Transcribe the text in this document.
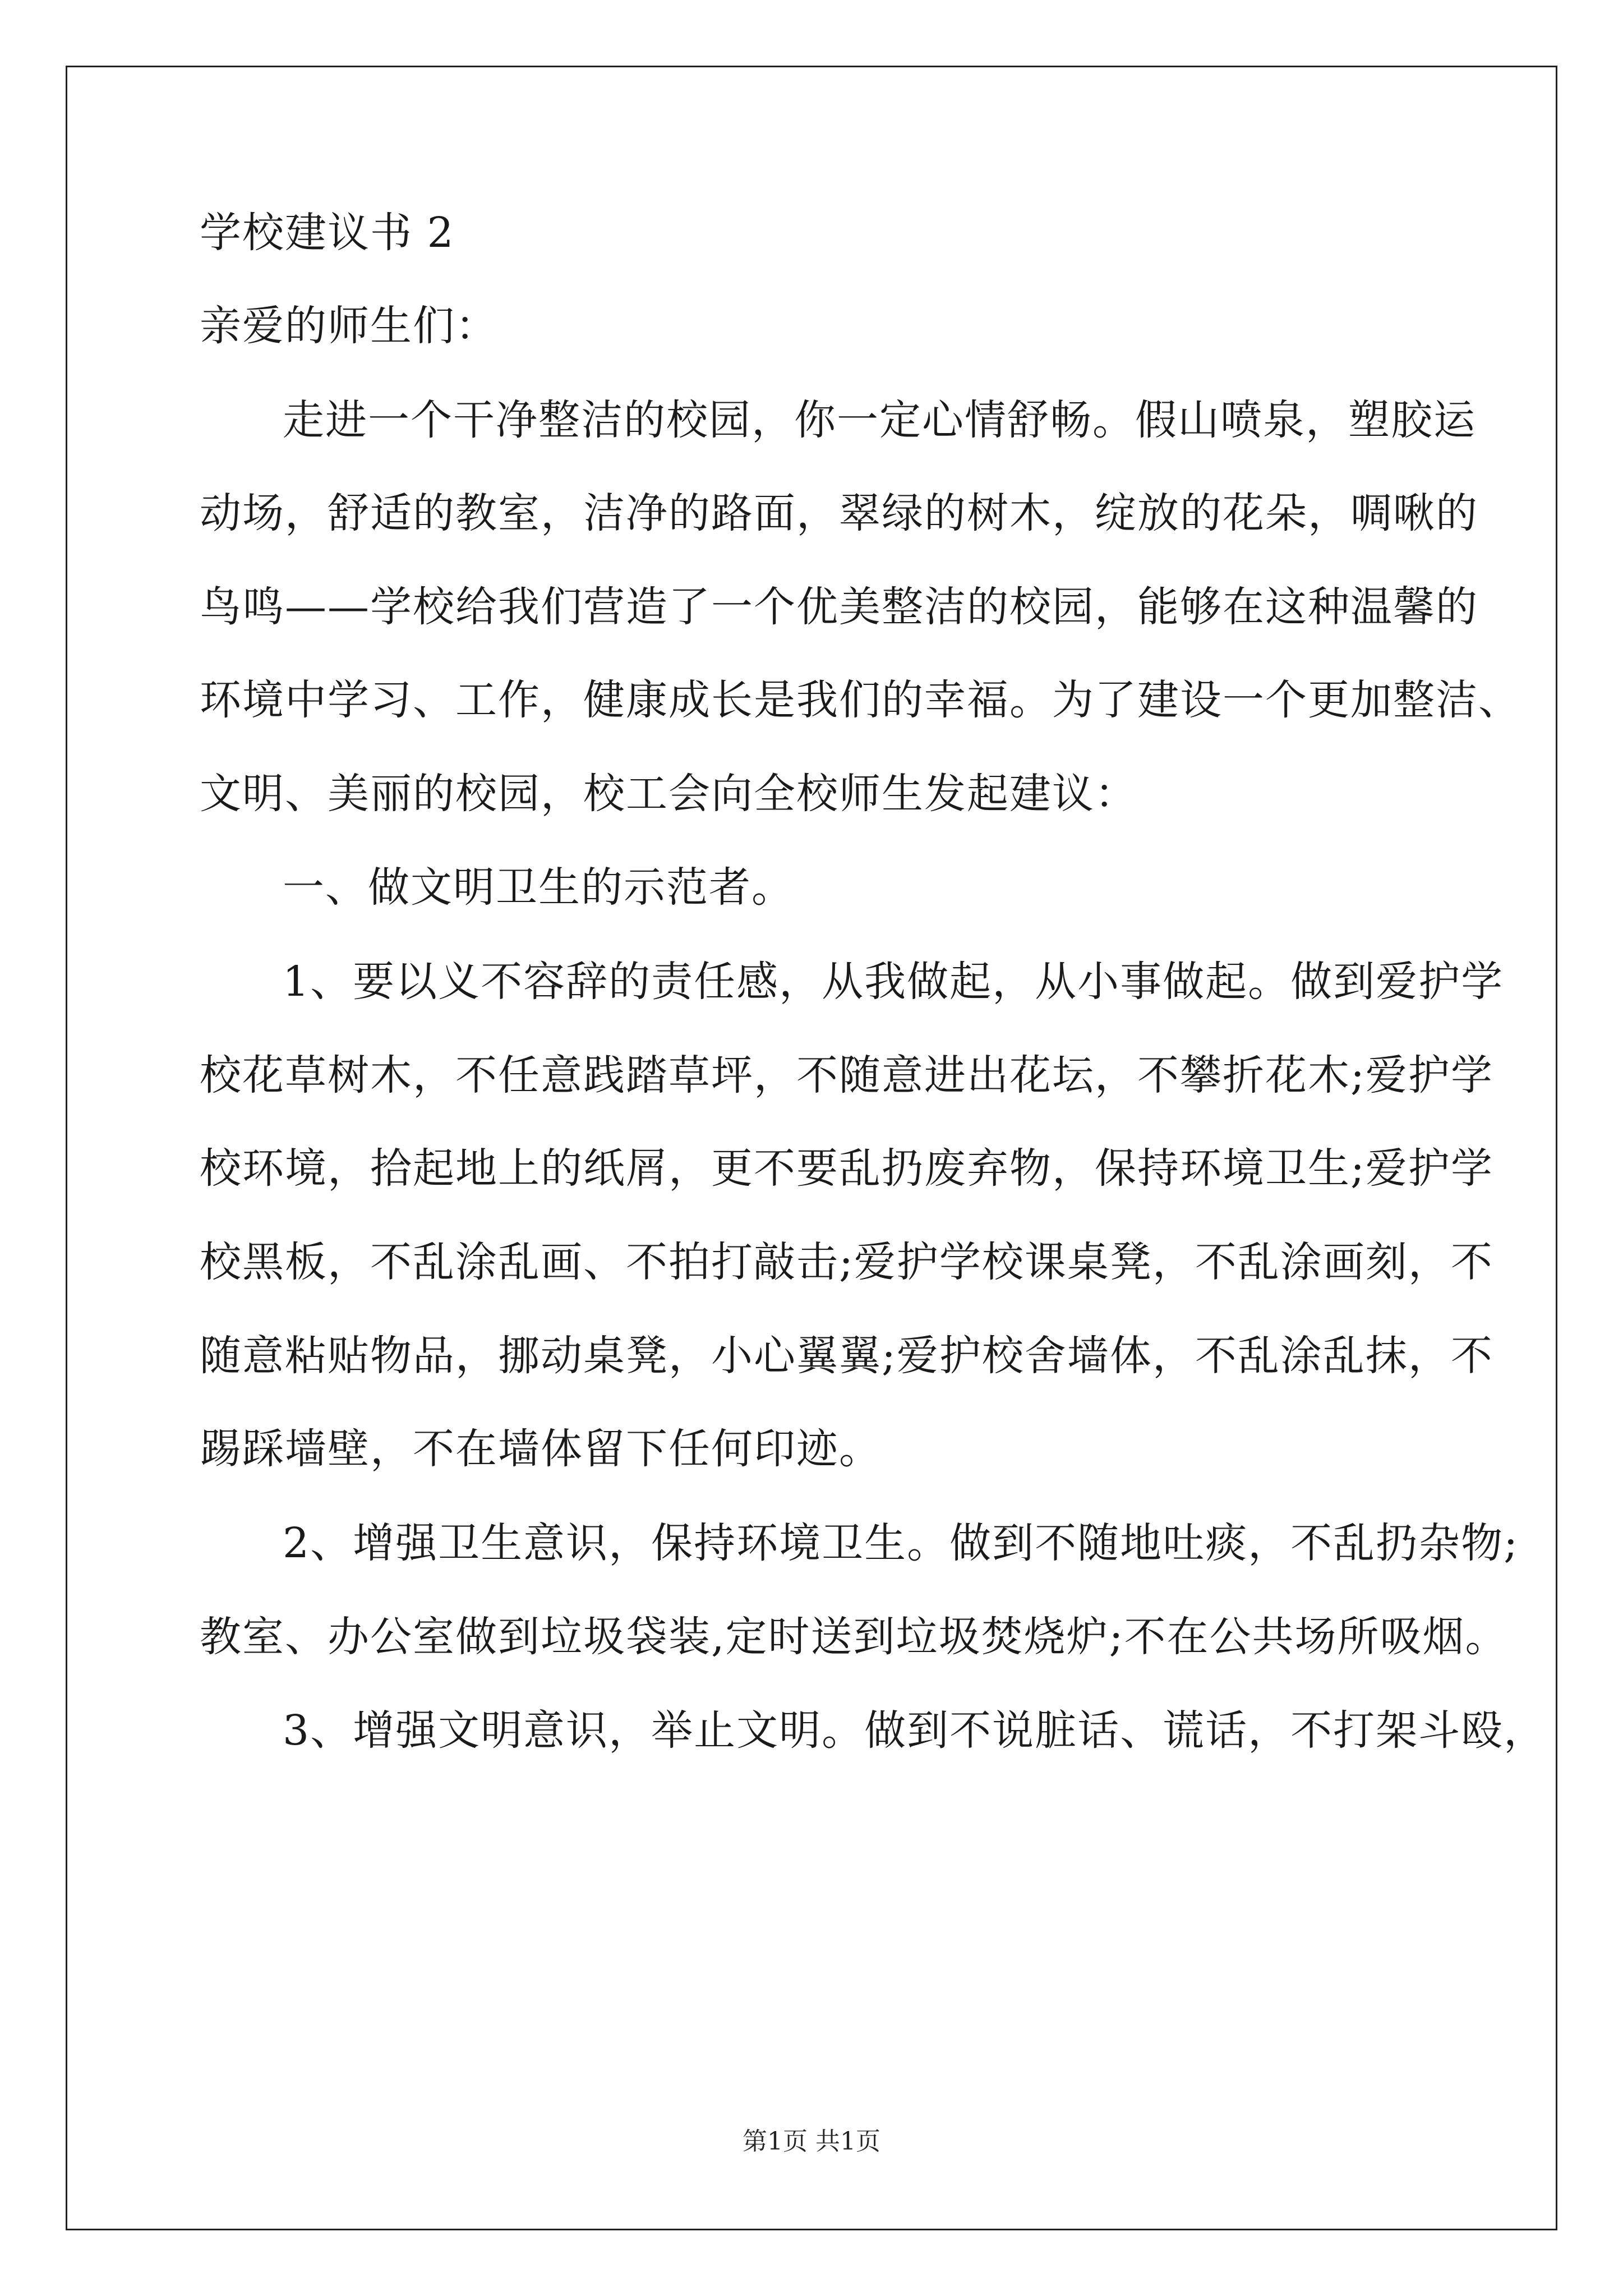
学校建议书 2
亲爱的师生们：
走进一个干净整洁的校园，你一定心情舒畅。假山喷泉，塑胶运
动场，舒适的教室，洁净的路面，翠绿的树木，绽放的花朵，啁啾的
鸟鸣——学校给我们营造了一个优美整洁的校园，能够在这种温馨的
环境中学习、工作，健康成长是我们的幸福。为了建设一个更加整洁、
文明、美丽的校园，校工会向全校师生发起建议：
一、做文明卫生的示范者。
1、要以义不容辞的责任感，从我做起，从小事做起。做到爱护学
校花草树木，不任意践踏草坪，不随意进出花坛，不攀折花木;爱护学
校环境，拾起地上的纸屑，更不要乱扔废弃物，保持环境卫生;爱护学
校黑板，不乱涂乱画、不拍打敲击;爱护学校课桌凳，不乱涂画刻，不
随意粘贴物品，挪动桌凳，小心翼翼;爱护校舍墙体，不乱涂乱抹，不
踢踩墙壁，不在墙体留下任何印迹。
2、增强卫生意识，保持环境卫生。做到不随地吐痰，不乱扔杂物;
教室、办公室做到垃圾袋装,定时送到垃圾焚烧炉;不在公共场所吸烟。
3、增强文明意识，举止文明。做到不说脏话、谎话，不打架斗殴，
第1页 共1页
